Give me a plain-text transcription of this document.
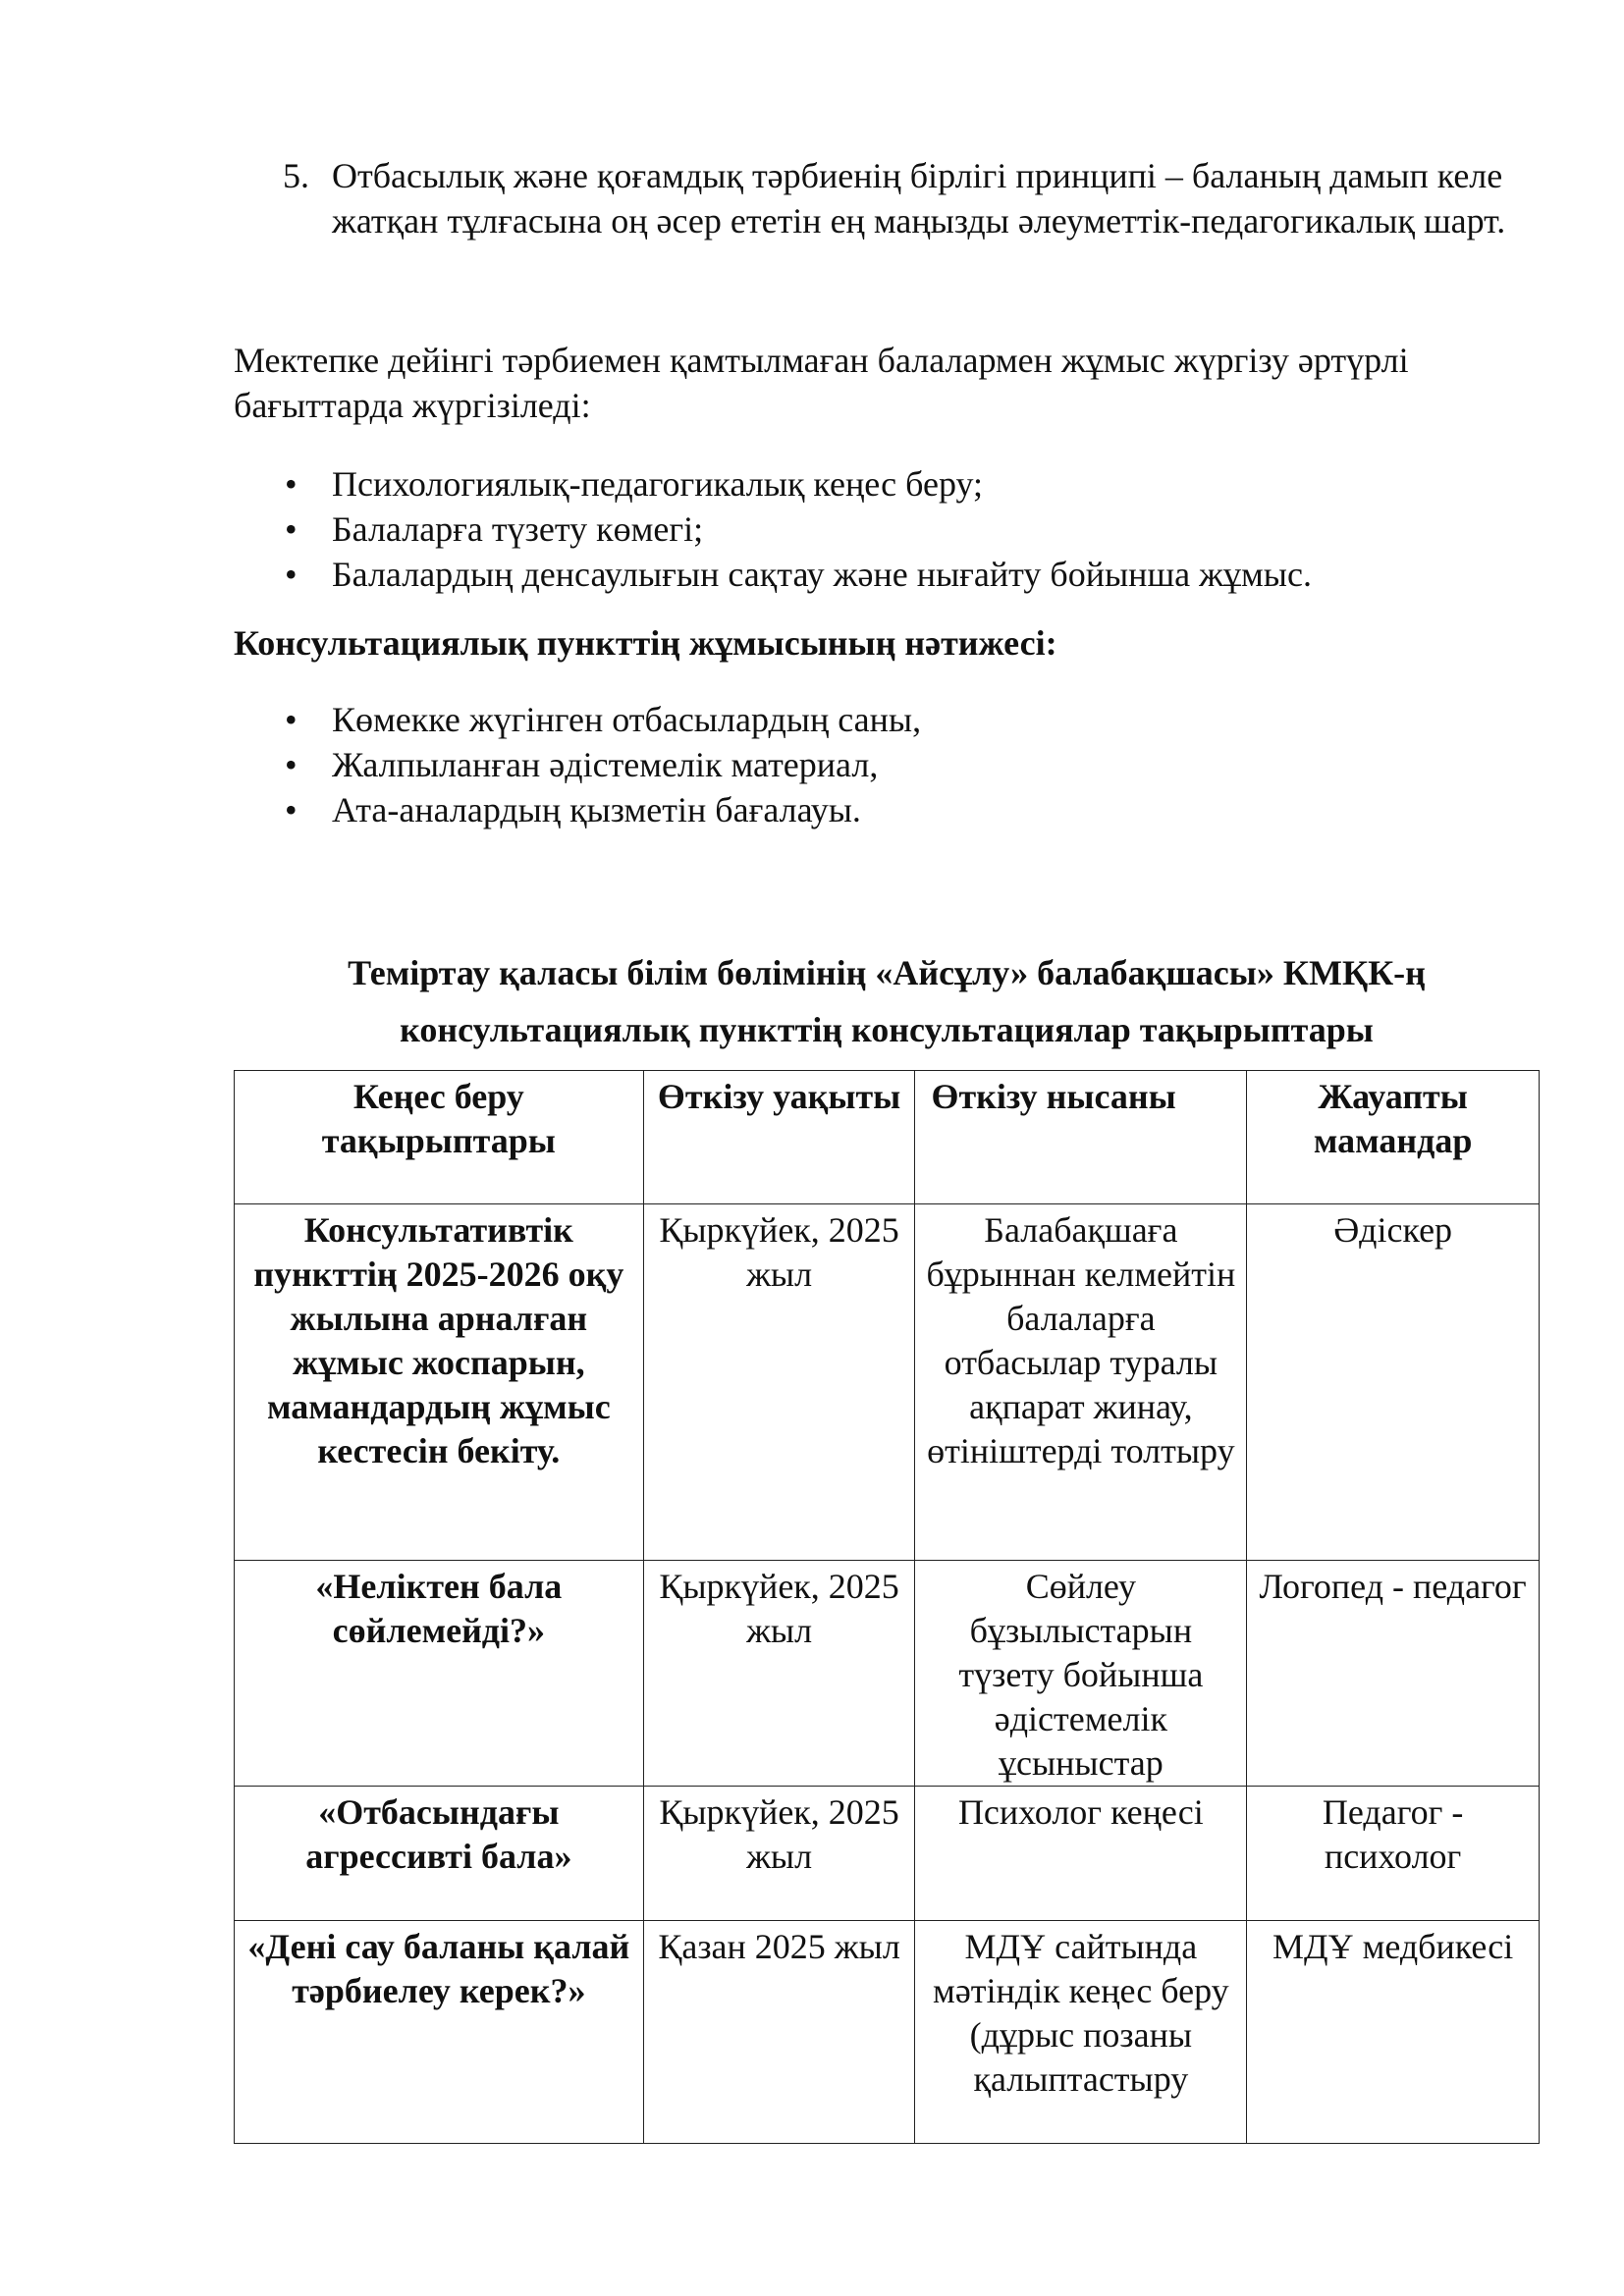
5. Отбасылық және қоғамдық тәрбиенің бірлігі принципі – баланың дамып келе жатқан тұлғасына оң әсер ететін ең маңызды әлеуметтік-педагогикалық шарт.
Мектепке дейінгі тәрбиемен қамтылмаған балалармен жұмыс жүргізу әртүрлі бағыттарда жүргізіледі:
• Психологиялық-педагогикалық кеңес беру;
• Балаларға түзету көмегі;
• Балалардың денсаулығын сақтау және нығайту бойынша жұмыс.
Консультациялық пункттің жұмысының нәтижесі:
• Көмекке жүгінген отбасылардың саны,
• Жалпыланған әдістемелік материал,
• Ата-аналардың қызметін бағалауы.
Теміртау қаласы білім бөлімінің «Айсұлу» балабақшасы» КМҚК-ң
консультациялық пункттің консультациялар тақырыптары
Кеңес беру тақырыптары	Өткізу уақыты	Өткізу нысаны	Жауапты мамандар
Консультативтік пункттің 2025-2026 оқу жылына арналған жұмыс жоспарын, мамандардың жұмыс кестесін бекіту.	Қыркүйек, 2025 жыл	Балабақшаға бұрыннан келмейтін балаларға отбасылар туралы ақпарат жинау, өтініштерді толтыру	Әдіскер
«Неліктен бала сөйлемейді?»	Қыркүйек, 2025 жыл	Сөйлеу бұзылыстарын түзету бойынша әдістемелік ұсыныстар	Логопед - педагог
«Отбасындағы агрессивті бала»	Қыркүйек, 2025 жыл	Психолог кеңесі	Педагог - психолог
«Дені сау баланы қалай тәрбиелеу керек?»	Қазан 2025 жыл	МДҰ сайтында мәтіндік кеңес беру (дұрыс позаны қалыптастыру	МДҰ медбикесі
